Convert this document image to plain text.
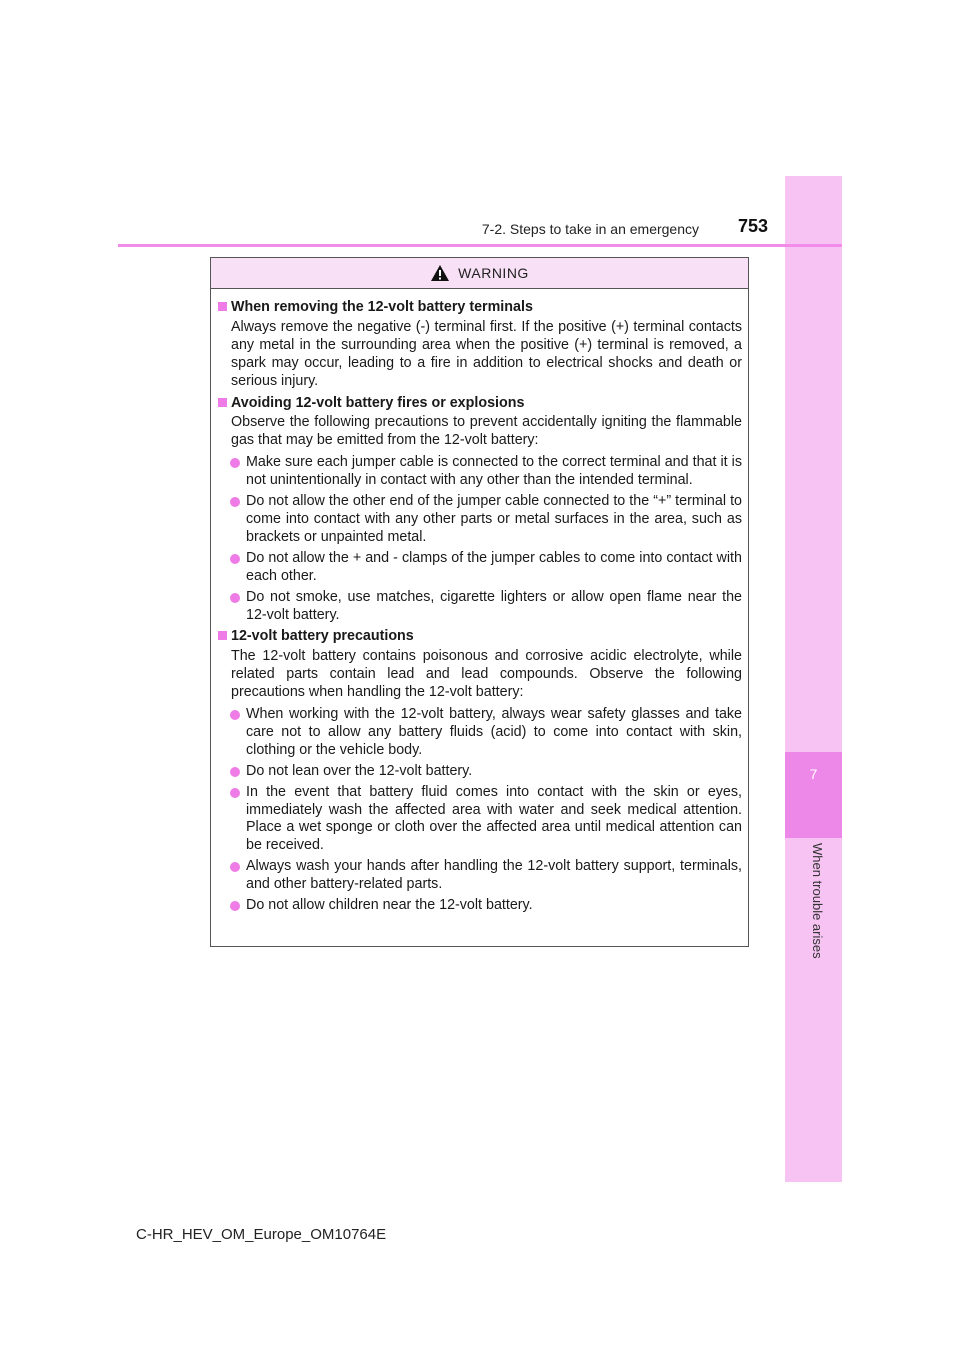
7
When trouble arises
7-2. Steps to take in an emergency 753
WARNING
When removing the 12-volt battery terminals
Always remove the negative (-) terminal first. If the positive (+) terminal contacts any metal in the surrounding area when the positive (+) terminal is removed, a spark may occur, leading to a fire in addition to electrical shocks and death or serious injury.
Avoiding 12-volt battery fires or explosions
Observe the following precautions to prevent accidentally igniting the flammable gas that may be emitted from the 12-volt battery:
Make sure each jumper cable is connected to the correct terminal and that it is not unintentionally in contact with any other than the intended terminal.
Do not allow the other end of the jumper cable connected to the “+” terminal to come into contact with any other parts or metal surfaces in the area, such as brackets or unpainted metal.
Do not allow the + and - clamps of the jumper cables to come into contact with each other.
Do not smoke, use matches, cigarette lighters or allow open flame near the 12-volt battery.
12-volt battery precautions
The 12-volt battery contains poisonous and corrosive acidic electrolyte, while related parts contain lead and lead compounds. Observe the following precautions when handling the 12-volt battery:
When working with the 12-volt battery, always wear safety glasses and take care not to allow any battery fluids (acid) to come into contact with skin, clothing or the vehicle body.
Do not lean over the 12-volt battery.
In the event that battery fluid comes into contact with the skin or eyes, immediately wash the affected area with water and seek medical attention. Place a wet sponge or cloth over the affected area until medical attention can be received.
Always wash your hands after handling the 12-volt battery support, terminals, and other battery-related parts.
Do not allow children near the 12-volt battery.
C-HR_HEV_OM_Europe_OM10764E
